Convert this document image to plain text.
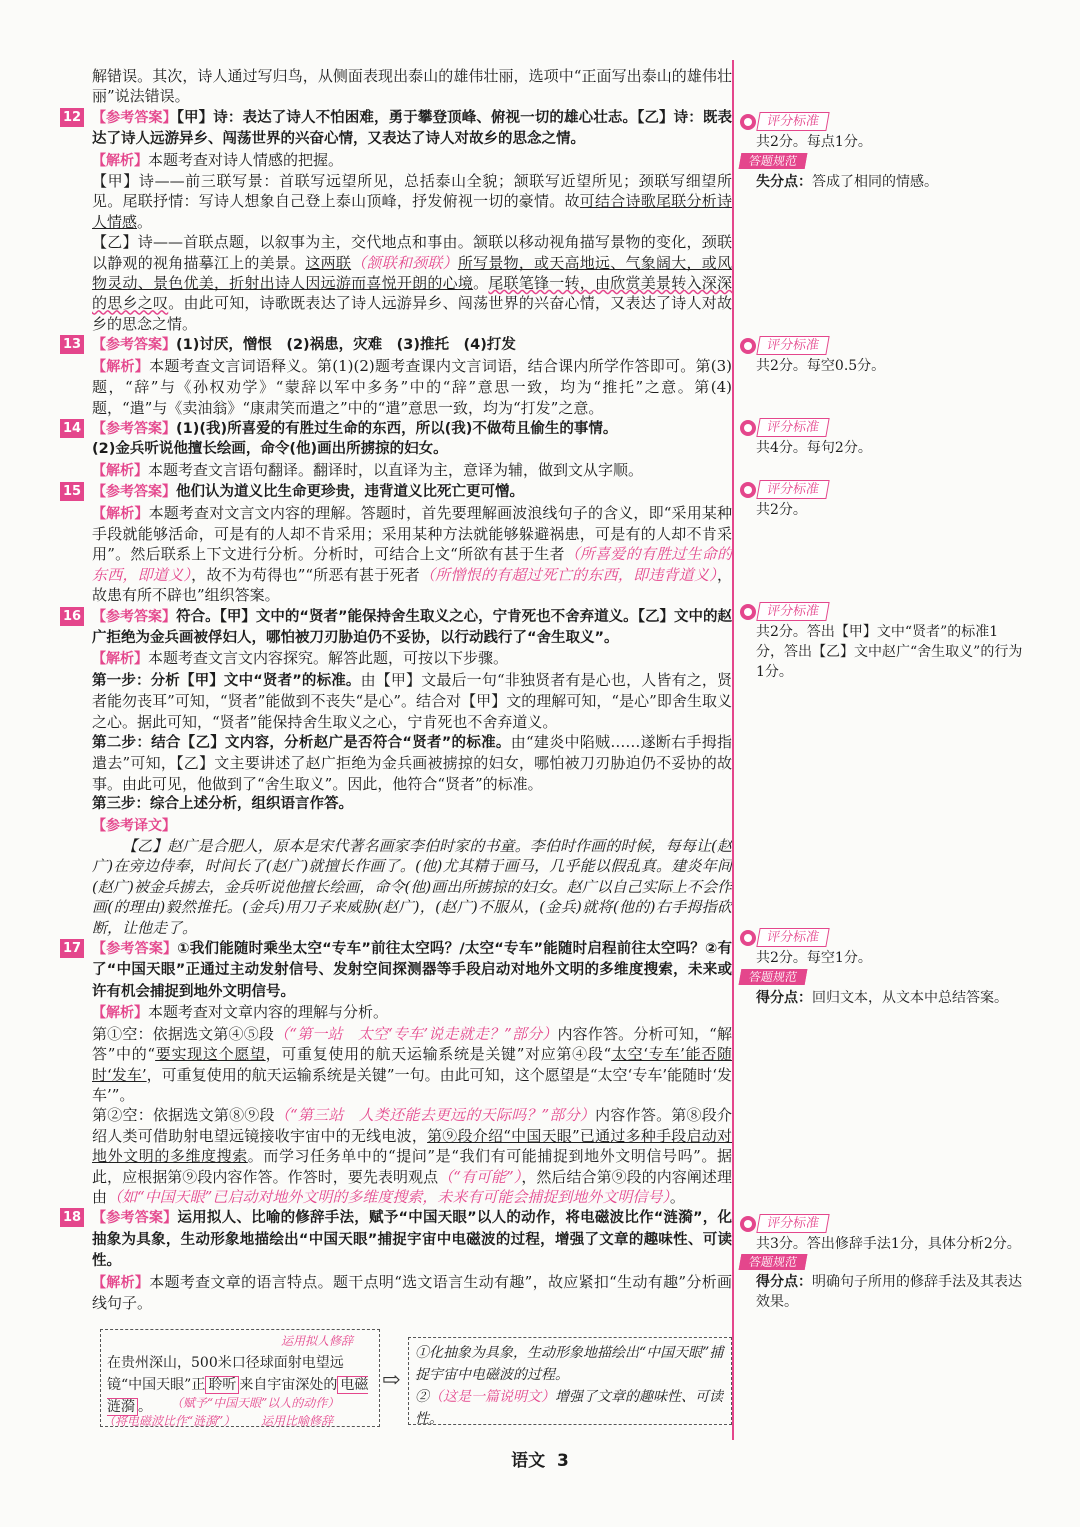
解错误。其次，诗人通过写归鸟，从侧面表现出泰山的雄伟壮丽，选项中“正面写出泰山的雄伟壮丽”说法错误。
12 【参考答案】【甲】诗：表达了诗人不怕困难，勇于攀登顶峰、俯视一切的雄心壮志。【乙】诗：既表达了诗人远游异乡、闯荡世界的兴奋心情，又表达了诗人对故乡的思念之情。
【解析】本题考查对诗人情感的把握。
【甲】诗——前三联写景：首联写远望所见，总括泰山全貌；颔联写近望所见；颈联写细望所见。尾联抒情：写诗人想象自己登上泰山顶峰，抒发俯视一切的豪情。故可结合诗歌尾联分析诗人情感。
【乙】诗——首联点题，以叙事为主，交代地点和事由。颔联以移动视角描写景物的变化，颈联以静观的视角描摹江上的美景。这两联（颔联和颈联）所写景物，或天高地远、气象阔大，或风物灵动、景色优美，折射出诗人因远游而喜悦开朗的心境。尾联笔锋一转，由欣赏美景转入深深的思乡之叹。由此可知，诗歌既表达了诗人远游异乡、闯荡世界的兴奋心情，又表达了诗人对故乡的思念之情。
13 【参考答案】(1)讨厌，憎恨　(2)祸患，灾难　(3)推托　(4)打发
【解析】本题考查文言词语释义。第(1)(2)题考查课内文言词语，结合课内所学作答即可。第(3)题，“辞”与《孙权劝学》“蒙辞以军中多务”中的“辞”意思一致，均为“推托”之意。第(4)题，“遣”与《卖油翁》“康肃笑而遣之”中的“遣”意思一致，均为“打发”之意。
14 【参考答案】(1)(我)所喜爱的有胜过生命的东西，所以(我)不做苟且偷生的事情。
(2)金兵听说他擅长绘画，命令(他)画出所掳掠的妇女。
【解析】本题考查文言语句翻译。翻译时，以直译为主，意译为辅，做到文从字顺。
15 【参考答案】他们认为道义比生命更珍贵，违背道义比死亡更可憎。
【解析】本题考查对文言文内容的理解。答题时，首先要理解画波浪线句子的含义，即“采用某种手段就能够活命，可是有的人却不肯采用；采用某种方法就能够躲避祸患，可是有的人却不肯采用”。然后联系上下文进行分析。分析时，可结合上文“所欲有甚于生者（所喜爱的有胜过生命的东西，即道义），故不为苟得也”“所恶有甚于死者（所憎恨的有超过死亡的东西，即违背道义），故患有所不辟也”组织答案。
16 【参考答案】符合。【甲】文中的“贤者”能保持舍生取义之心，宁肯死也不舍弃道义。【乙】文中的赵广拒绝为金兵画被俘妇人，哪怕被刀刃胁迫仍不妥协，以行动践行了“舍生取义”。
【解析】本题考查文言文内容探究。解答此题，可按以下步骤。
第一步：分析【甲】文中“贤者”的标准。由【甲】文最后一句“非独贤者有是心也，人皆有之，贤者能勿丧耳”可知，“贤者”能做到不丧失“是心”。结合对【甲】文的理解可知，“是心”即舍生取义之心。据此可知，“贤者”能保持舍生取义之心，宁肯死也不舍弃道义。
第二步：结合【乙】文内容，分析赵广是否符合“贤者”的标准。由“建炎中陷贼……遂断右手拇指遣去”可知，【乙】文主要讲述了赵广拒绝为金兵画被掳掠的妇女，哪怕被刀刃胁迫仍不妥协的故事。由此可见，他做到了“舍生取义”。因此，他符合“贤者”的标准。
第三步：综合上述分析，组织语言作答。
【参考译文】
【乙】赵广是合肥人，原本是宋代著名画家李伯时家的书童。李伯时作画的时候，每每让(赵广)在旁边侍奉，时间长了(赵广)就擅长作画了。(他)尤其精于画马，几乎能以假乱真。建炎年间(赵广)被金兵掳去，金兵听说他擅长绘画，命令(他)画出所掳掠的妇女。赵广以自己实际上不会作画(的理由)毅然推托。(金兵)用刀子来威胁(赵广)，(赵广)不服从，(金兵)就将(他的)右手拇指砍断，让他走了。
17 【参考答案】①我们能随时乘坐太空“专车”前往太空吗？/太空“专车”能随时启程前往太空吗？②有了“中国天眼”正通过主动发射信号、发射空间探测器等手段启动对地外文明的多维度搜索，未来或许有机会捕捉到地外文明信号。
【解析】本题考查对文章内容的理解与分析。
第①空：依据选文第④⑤段（“第一站　太空‘专车’说走就走？”部分）内容作答。分析可知，“解答”中的“要实现这个愿望，可重复使用的航天运输系统是关键”对应第④段“太空‘专车’能否随时‘发车’，可重复使用的航天运输系统是关键”一句。由此可知，这个愿望是“太空‘专车’能随时‘发车’”。
第②空：依据选文第⑧⑨段（“第三站　人类还能去更远的天际吗？”部分）内容作答。第⑧段介绍人类可借助射电望远镜接收宇宙中的无线电波，第⑨段介绍“中国天眼”已通过多种手段启动对地外文明的多维度搜索。而学习任务单中的“提问”是“我们有可能捕捉到地外文明信号吗”。据此，应根据第⑨段内容作答。作答时，要先表明观点（“有可能”），然后结合第⑨段的内容阐述理由（如“中国天眼”已启动对地外文明的多维度搜索，未来有可能会捕捉到地外文明信号）。
18 【参考答案】运用拟人、比喻的修辞手法，赋予“中国天眼”以人的动作，将电磁波比作“涟漪”，化抽象为具象，生动形象地描绘出“中国天眼”捕捉宇宙中电磁波的过程，增强了文章的趣味性、可读性。
【解析】本题考查文章的语言特点。题干点明“选文语言生动有趣”，故应紧扣“生动有趣”分析画线句子。
运用拟人修辞
在贵州深山，500米口径球面射电望远镜“中国天眼”正 聆听 来自宇宙深处的 电磁涟漪 。 （赋予“中国天眼”以人的动作）
运用比喻修辞
（将电磁波比作“涟漪”）
⇨
①化抽象为具象，生动形象地描绘出“中国天眼”捕捉宇宙中电磁波的过程。
②（这是一篇说明文）增强了文章的趣味性、可读性。
评分标准
共2分。每点1分。
答题规范
失分点：答成了相同的情感。
评分标准
共2分。每空0.5分。
评分标准
共4分。每句2分。
评分标准
共2分。
评分标准
共2分。答出【甲】文中“贤者”的标准1分，答出【乙】文中赵广“舍生取义”的行为1分。
评分标准
共2分。每空1分。
答题规范
得分点：回归文本，从文本中总结答案。
评分标准
共3分。答出修辞手法1分，具体分析2分。
答题规范
得分点：明确句子所用的修辞手法及其表达效果。
语文 3
